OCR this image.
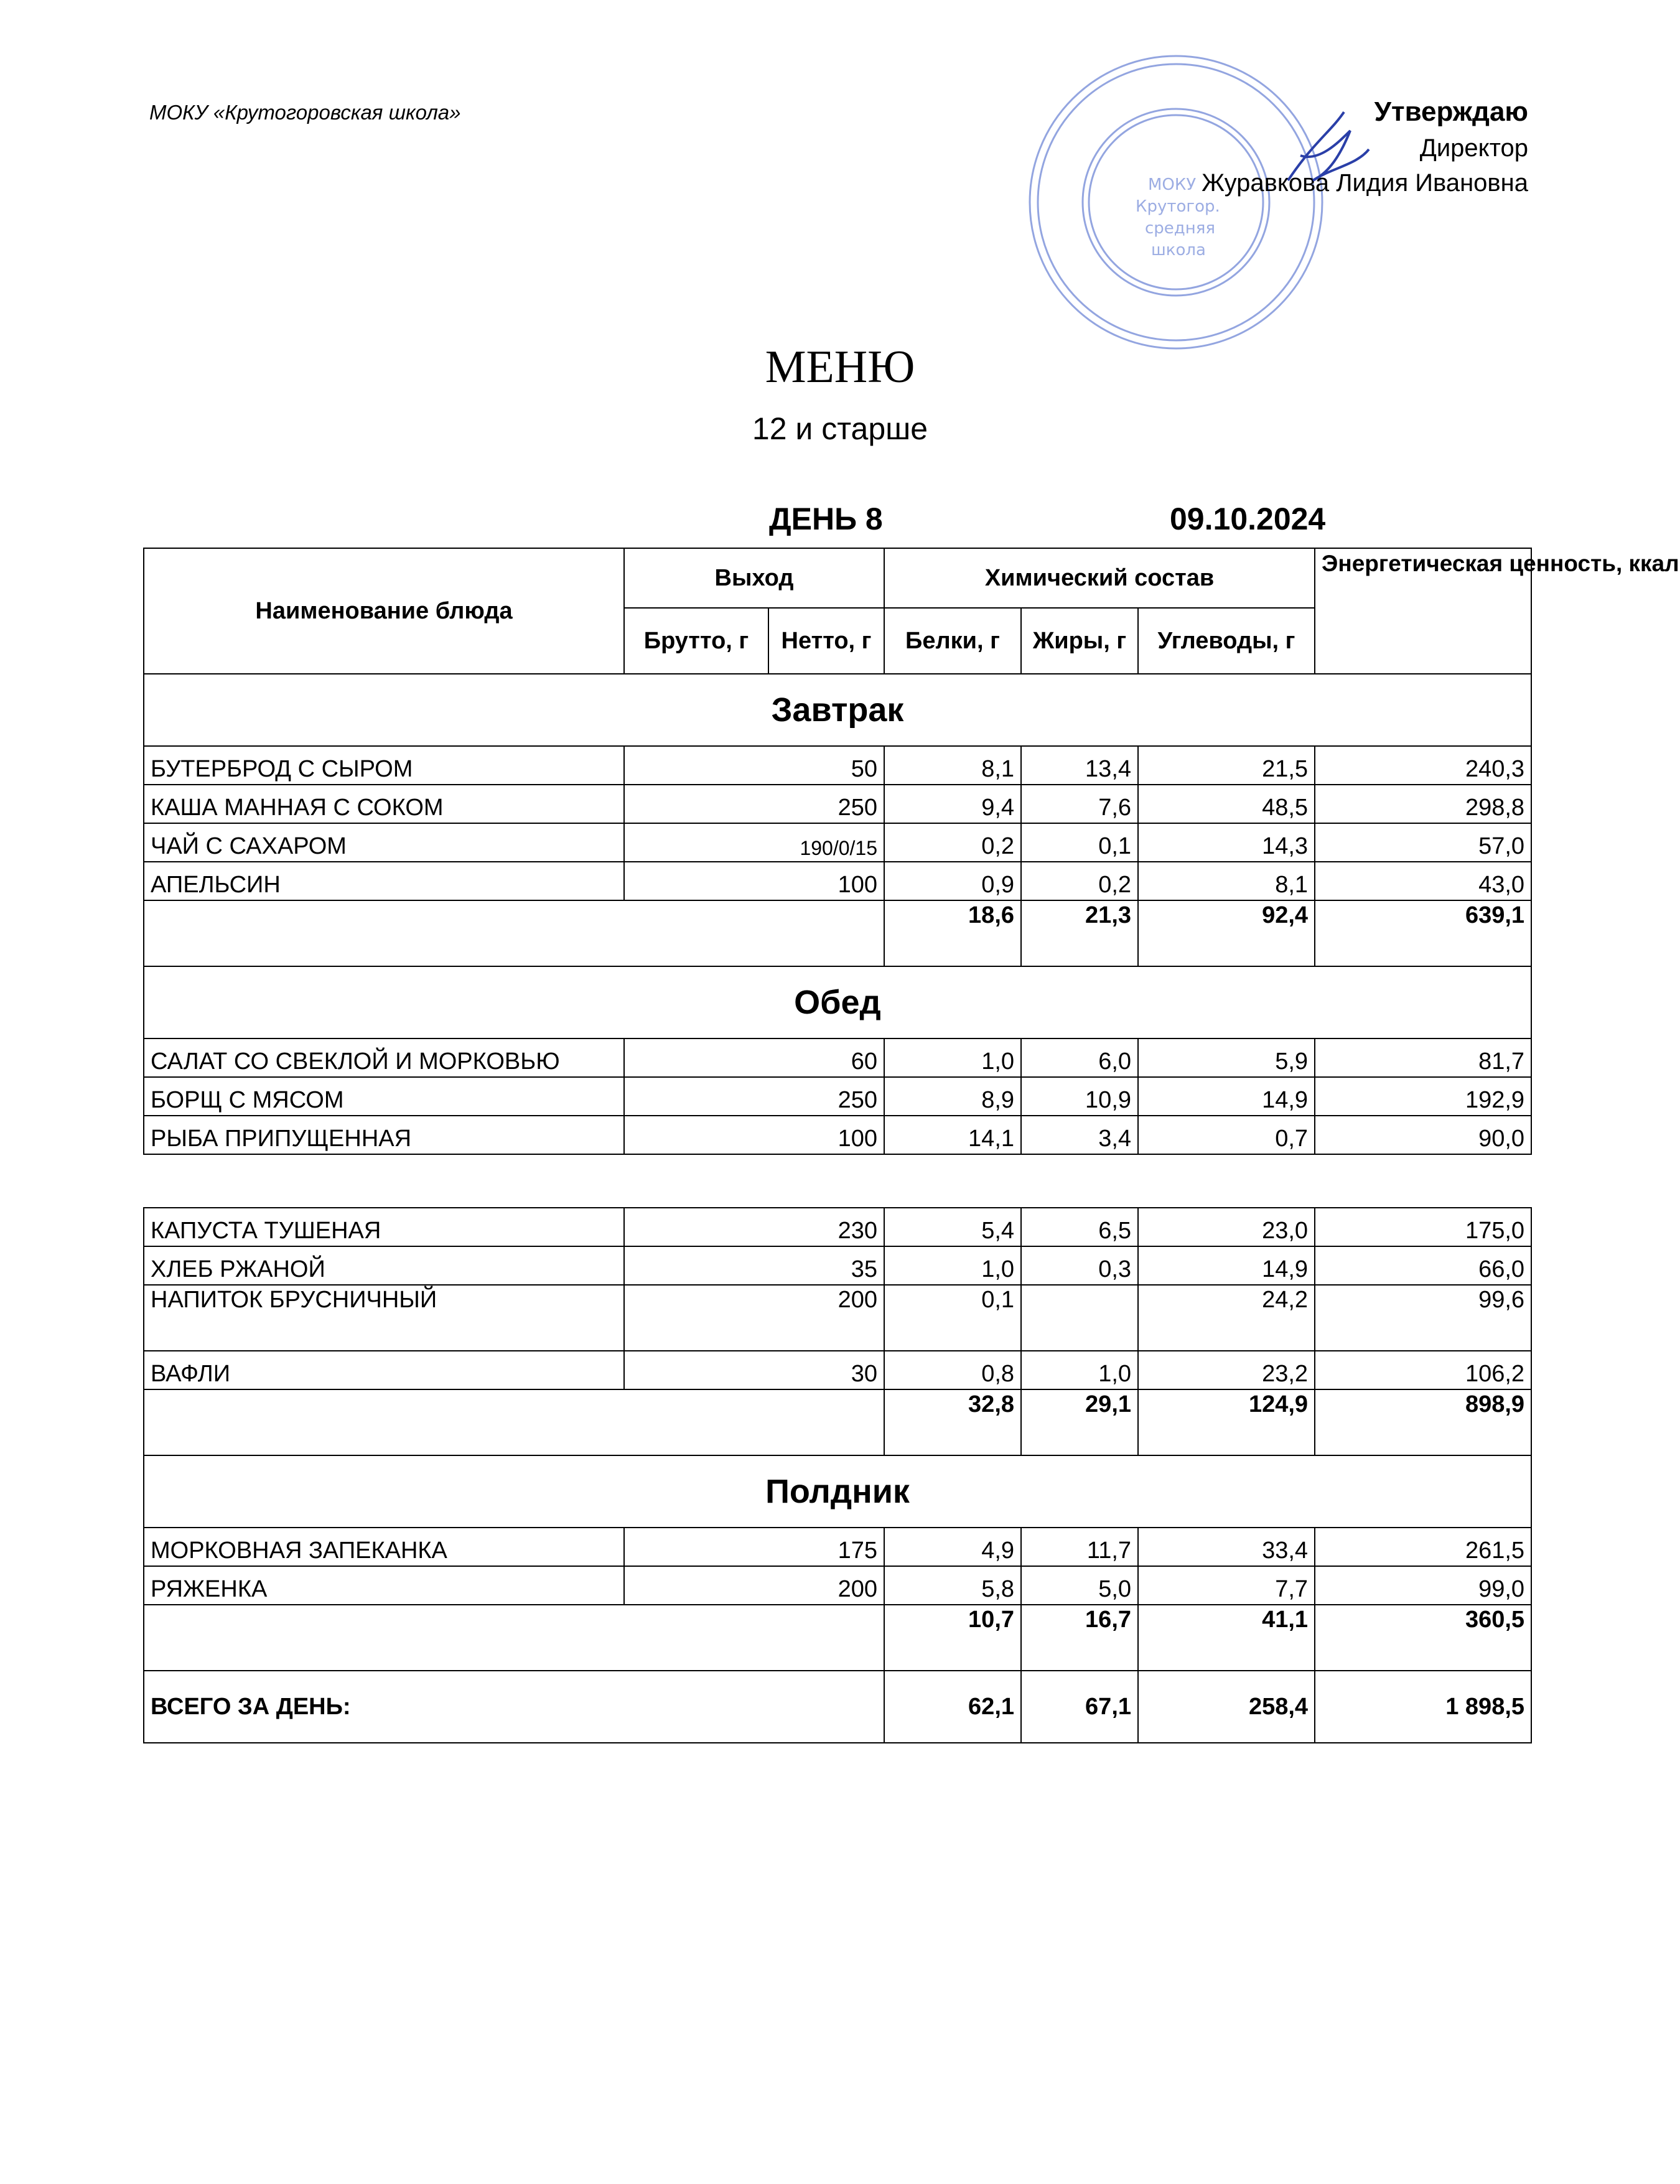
МОКУ «Крутогоровская школа»
МОКУ
Крутогор.
средняя
школа
Утверждаю
Директор
Журавкова Лидия Ивановна
МЕНЮ
12 и старше
ДЕНЬ 8	09.10.2024
Наименование блюда	Выход		Химический состав			Энергетическая ценность, ккал
	Брутто, г	Нетто, г	Белки, г	Жиры, г	Углеводы, г	
Завтрак						
БУТЕРБРОД С СЫРОМ	50		8,1	13,4	21,5	240,3
КАША МАННАЯ С СОКОМ	250		9,4	7,6	48,5	298,8
ЧАЙ С САХАРОМ	190/0/15		0,2	0,1	14,3	57,0
АПЕЛЬСИН	100		0,9	0,2	8,1	43,0
			18,6	21,3	92,4	639,1
Обед						
САЛАТ СО СВЕКЛОЙ И МОРКОВЬЮ	60		1,0	6,0	5,9	81,7
БОРЩ С МЯСОМ	250		8,9	10,9	14,9	192,9
РЫБА ПРИПУЩЕННАЯ	100		14,1	3,4	0,7	90,0

КАПУСТА ТУШЕНАЯ	230		5,4	6,5	23,0	175,0
ХЛЕБ РЖАНОЙ	35		1,0	0,3	14,9	66,0
НАПИТОК БРУСНИЧНЫЙ	200		0,1		24,2	99,6
ВАФЛИ	30		0,8	1,0	23,2	106,2
			32,8	29,1	124,9	898,9
Полдник						
МОРКОВНАЯ ЗАПЕКАНКА	175		4,9	11,7	33,4	261,5
РЯЖЕНКА	200		5,8	5,0	7,7	99,0
			10,7	16,7	41,1	360,5
ВСЕГО ЗА ДЕНЬ:			62,1	67,1	258,4	1 898,5
